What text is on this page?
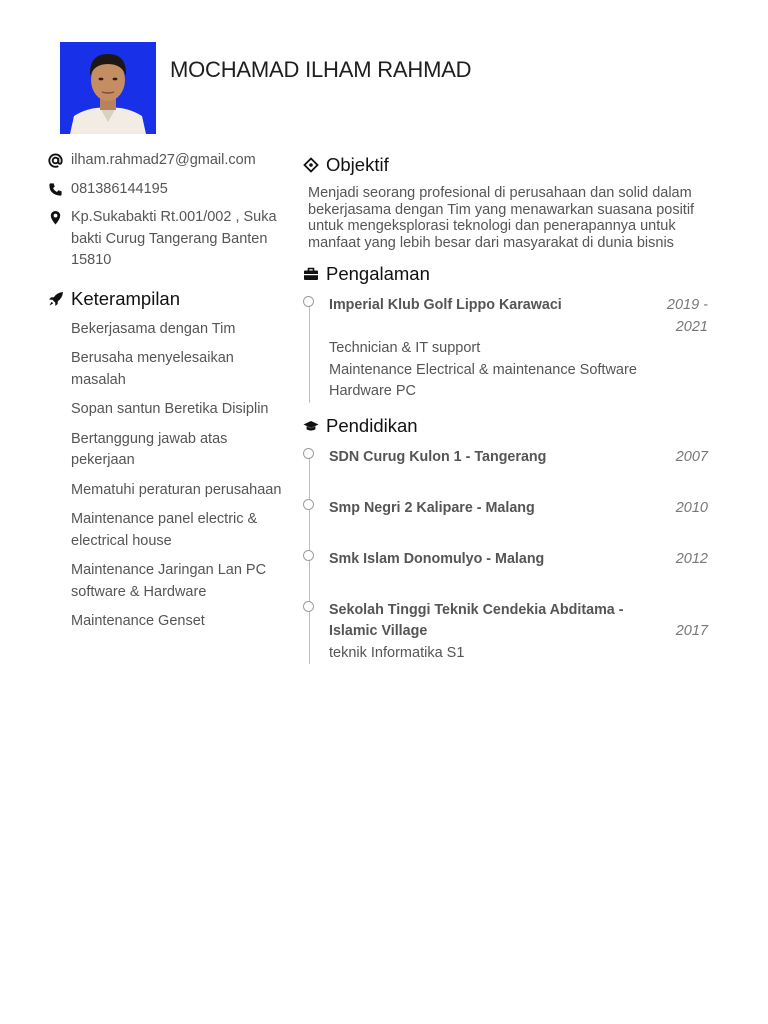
MOCHAMAD ILHAM RAHMAD
ilham.rahmad27@gmail.com
081386144195
Kp.Sukabakti Rt.001/002 , Suka bakti Curug Tangerang Banten 15810
Keterampilan
Bekerjasama dengan Tim
Berusaha menyelesaikan masalah
Sopan santun Beretika Disiplin
Bertanggung jawab atas pekerjaan
Mematuhi peraturan perusahaan
Maintenance panel electric & electrical house
Maintenance Jaringan Lan PC software & Hardware
Maintenance Genset
Objektif
Menjadi seorang profesional di perusahaan dan solid dalam bekerjasama dengan Tim yang menawarkan suasana positif untuk mengeksplorasi teknologi dan penerapannya untuk manfaat yang lebih besar dari masyarakat di dunia bisnis
Pengalaman
Imperial Klub Golf Lippo Karawaci	2019 - 2021
Technician & IT support
Maintenance Electrical & maintenance Software Hardware PC
Pendidikan
SDN Curug Kulon 1 - Tangerang	2007
Smp Negri 2 Kalipare - Malang	2010
Smk Islam Donomulyo - Malang	2012
Sekolah Tinggi Teknik Cendekia Abditama - Islamic Village	2017
teknik Informatika S1
